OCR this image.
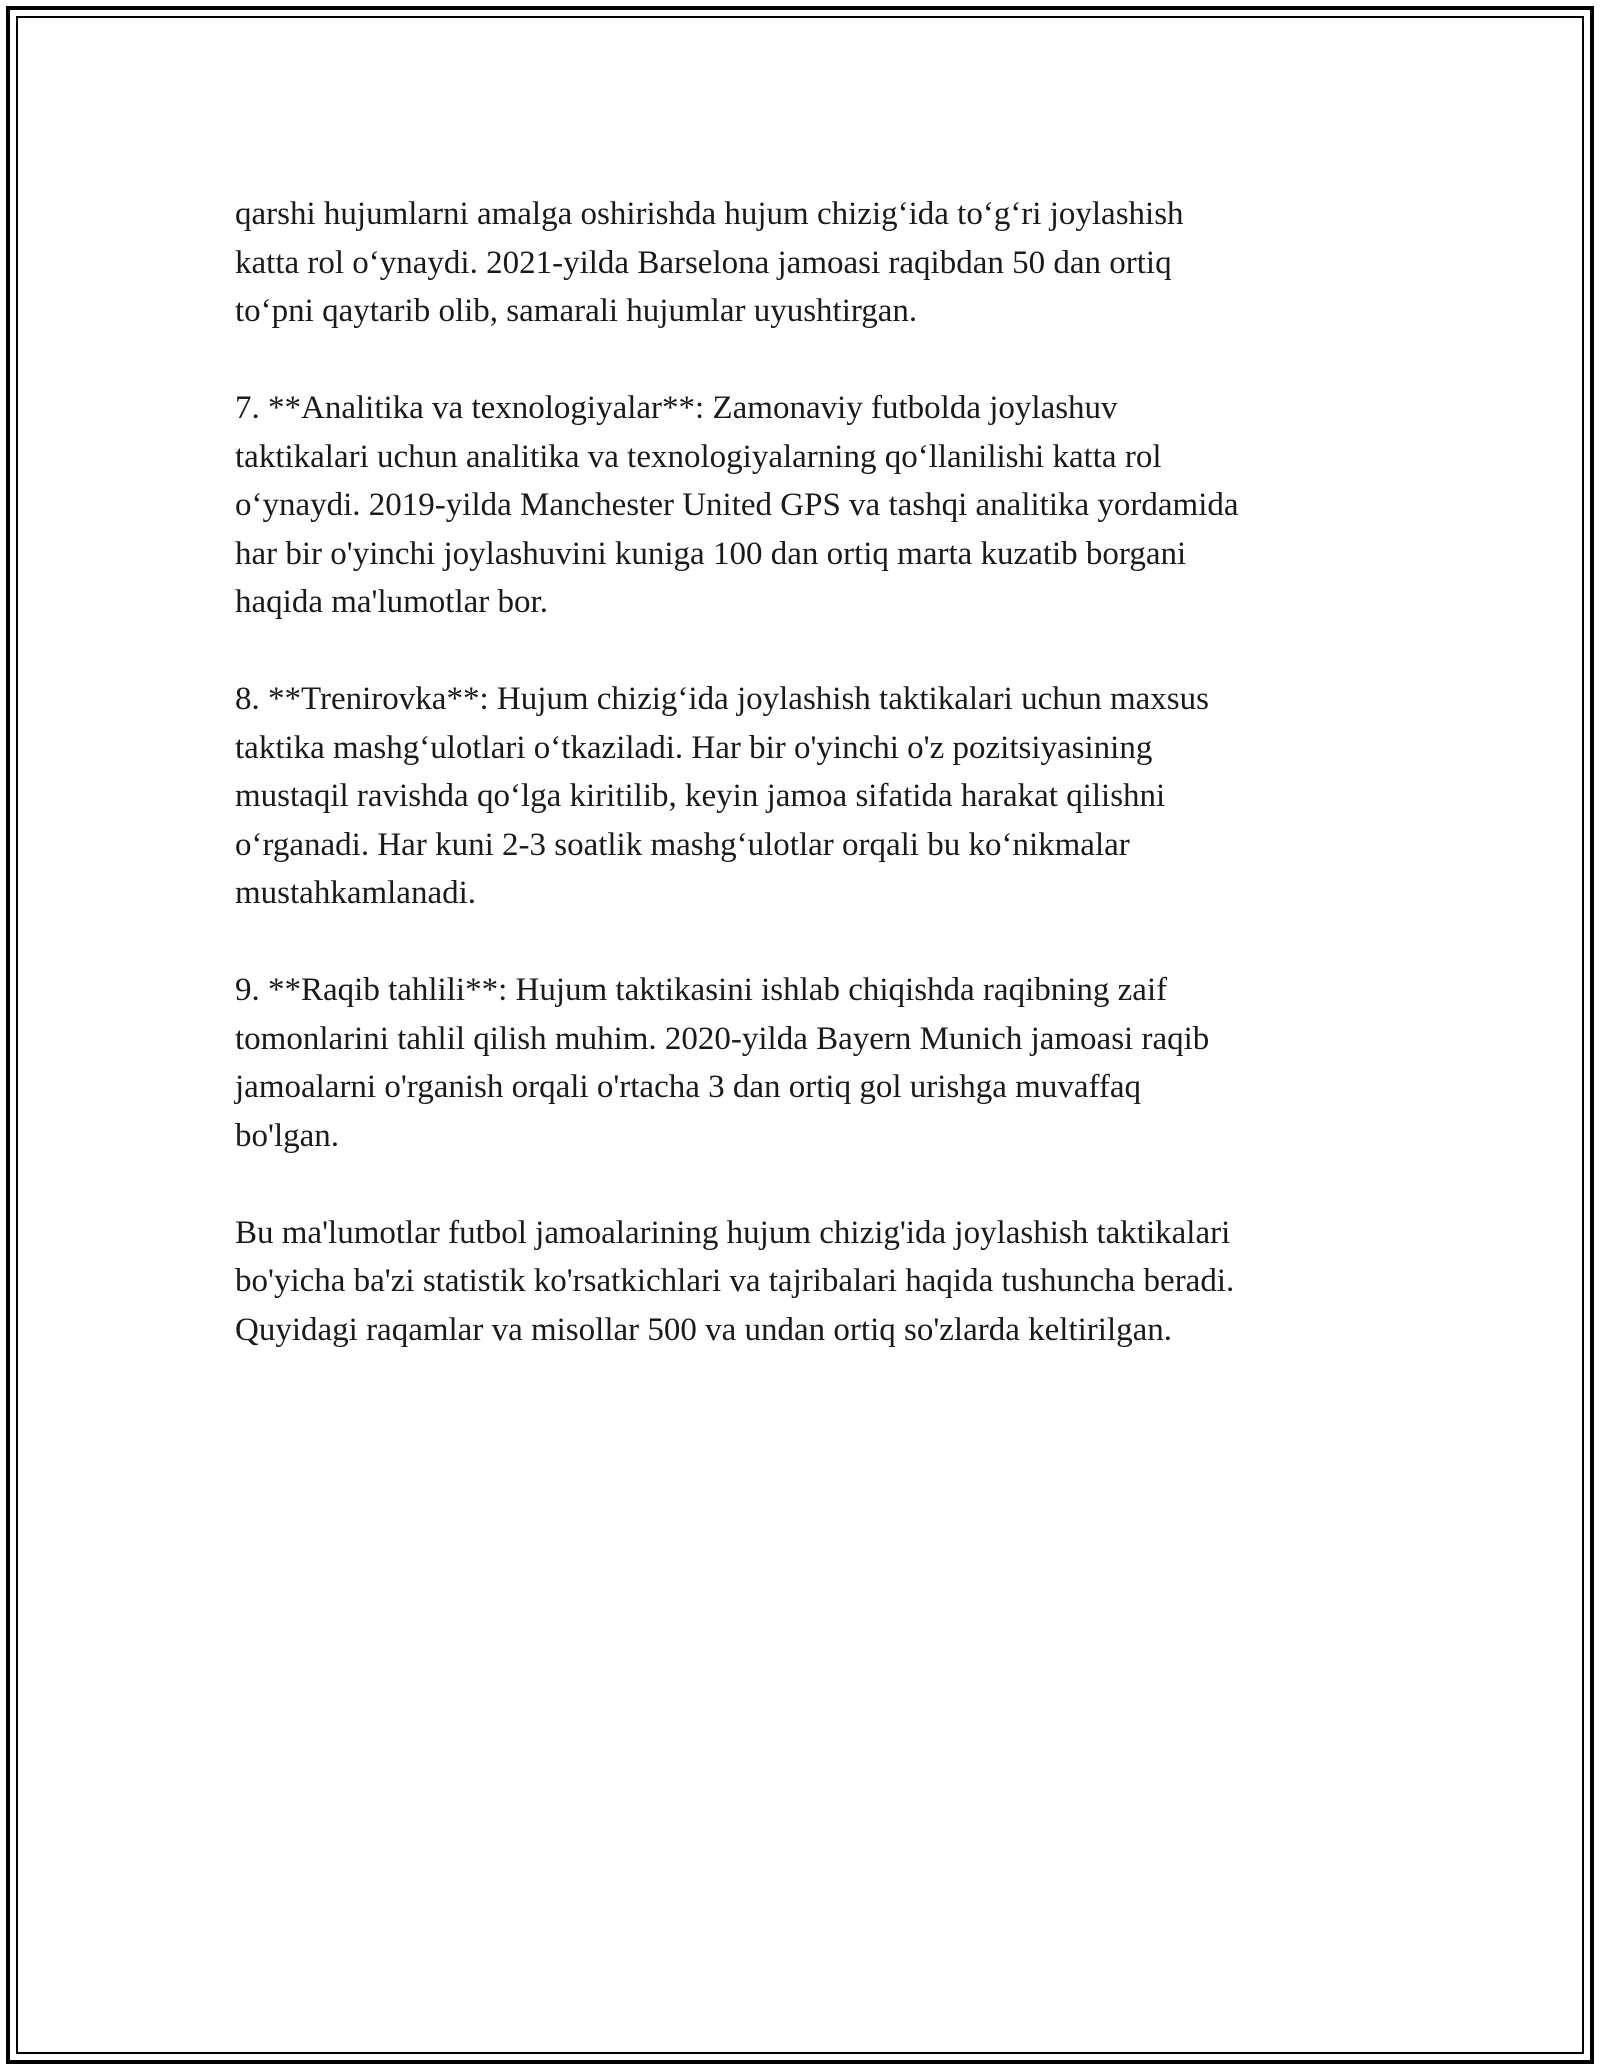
qarshi hujumlarni amalga oshirishda hujum chizig‘ida to‘g‘ri joylashish
katta rol o‘ynaydi. 2021-yilda Barselona jamoasi raqibdan 50 dan ortiq
to‘pni qaytarib olib, samarali hujumlar uyushtirgan.

7. **Analitika va texnologiyalar**: Zamonaviy futbolda joylashuv
taktikalari uchun analitika va texnologiyalarning qo‘llanilishi katta rol
o‘ynaydi. 2019-yilda Manchester United GPS va tashqi analitika yordamida
har bir o'yinchi joylashuvini kuniga 100 dan ortiq marta kuzatib borgani
haqida ma'lumotlar bor.

8. **Trenirovka**: Hujum chizig‘ida joylashish taktikalari uchun maxsus
taktika mashg‘ulotlari o‘tkaziladi. Har bir o'yinchi o'z pozitsiyasining
mustaqil ravishda qo‘lga kiritilib, keyin jamoa sifatida harakat qilishni
o‘rganadi. Har kuni 2-3 soatlik mashg‘ulotlar orqali bu ko‘nikmalar
mustahkamlanadi.

9. **Raqib tahlili**: Hujum taktikasini ishlab chiqishda raqibning zaif
tomonlarini tahlil qilish muhim. 2020-yilda Bayern Munich jamoasi raqib
jamoalarni o'rganish orqali o'rtacha 3 dan ortiq gol urishga muvaffaq
bo'lgan.

Bu ma'lumotlar futbol jamoalarining hujum chizig'ida joylashish taktikalari
bo'yicha ba'zi statistik ko'rsatkichlari va tajribalari haqida tushuncha beradi.
Quyidagi raqamlar va misollar 500 va undan ortiq so'zlarda keltirilgan.
